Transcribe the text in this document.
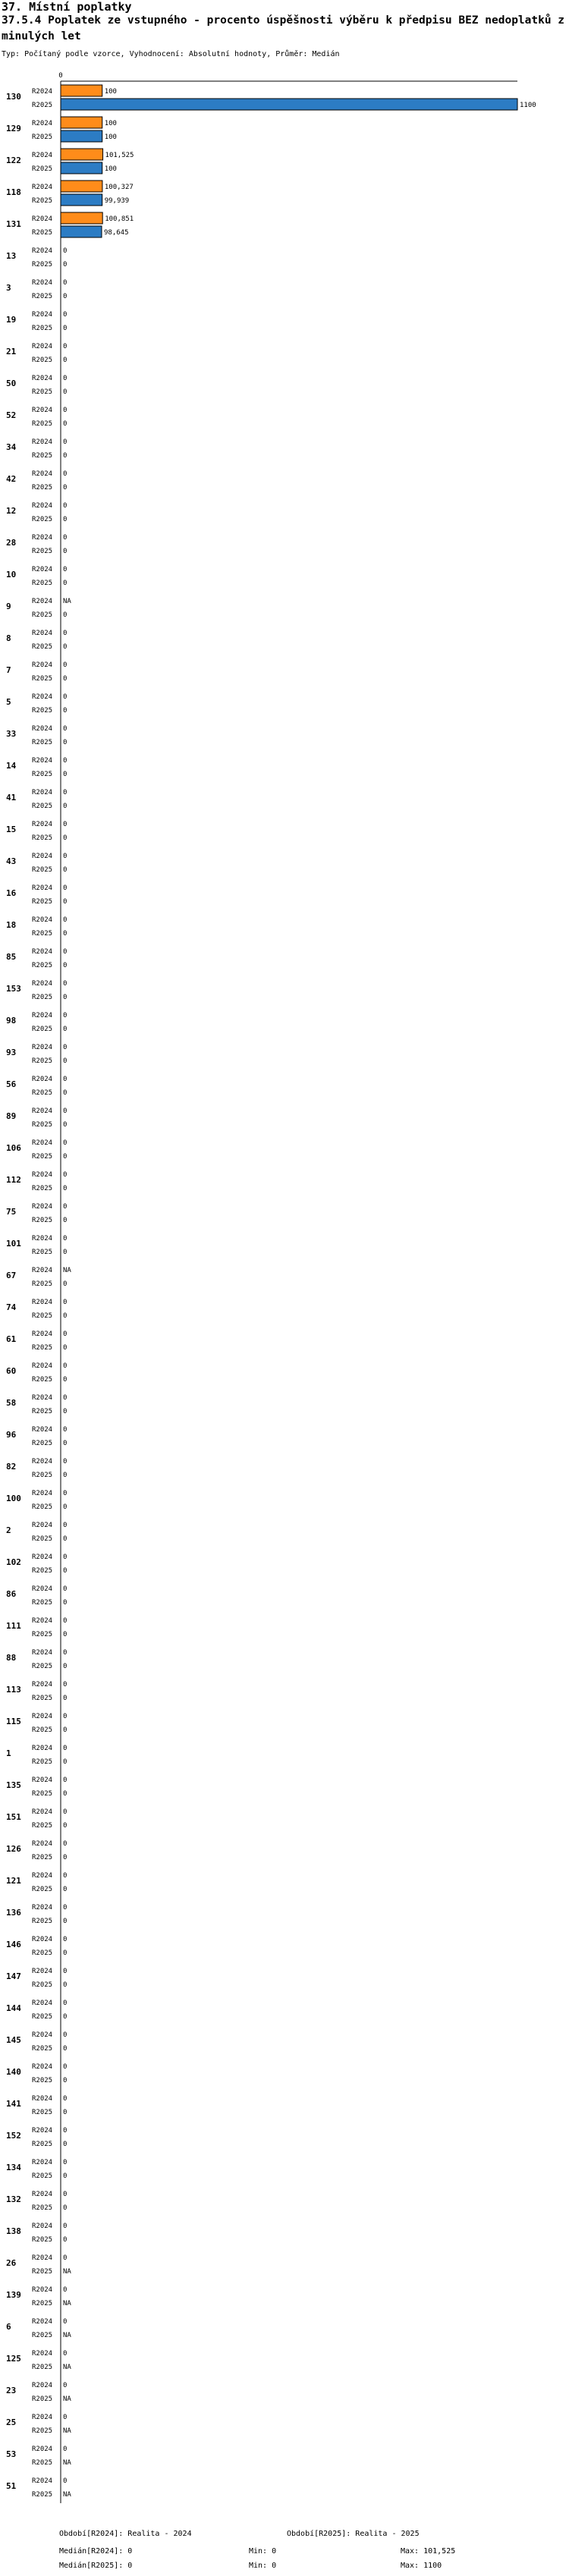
37. Místní poplatky
37.5.4 Poplatek ze vstupného - procento úspěšnosti výběru k předpisu BEZ nedoplatků z minulých let
Typ: Počítaný podle vzorce, Vyhodnocení: Absolutní hodnoty, Průměr: Medián
0
130 R2024	100
R2025	1100
129 R2024	100
R2025	100
122 R2024	101,525
R2025	100
118 R2024	100,327
R2025	99,939
131 R2024	100,851
R2025	98,645
13 R2024 0
R2025 0
3	R2024 0
R2025 0
19 R2024 0
R2025 0
21 R2024 0
R2025 0
50 R2024 0
R2025 0
52 R2024 0
R2025 0
34 R2024 0
R2025 0
42 R2024 0
R2025 0
12 R2024 0
R2025 0
28 R2024 0
R2025 0
10 R2024 0
R2025 0
9	R2024 NA
R2025 0
8	R2024 0
R2025 0
7	R2024 0
R2025 0
5	R2024 0
R2025 0
33 R2024 0
R2025 0
14 R2024 0
R2025 0
41 R2024 0
R2025 0
15 R2024 0
R2025 0
43 R2024 0
R2025 0
16 R2024 0
R2025 0
18 R2024 0
R2025 0
85 R2024 0
R2025 0
153 R2024 0
R2025 0
98 R2024 0
R2025 0
93 R2024 0
R2025 0
56 R2024 0
R2025 0
89 R2024 0
R2025 0
106 R2024 0
R2025 0
112 R2024 0
R2025 0
75 R2024 0
R2025 0
101 R2024 0
R2025 0
67 R2024 NA
R2025 0
74 R2024 0
R2025 0
61 R2024 0
R2025 0
60 R2024 0
R2025 0
58 R2024 0
R2025 0
96 R2024 0
R2025 0
82 R2024 0
R2025 0
100 R2024 0
R2025 0
2	R2024 0
R2025 0
102 R2024 0
R2025 0
86 R2024 0
R2025 0
111 R2024 0
R2025 0
88 R2024 0
R2025 0
113 R2024 0
R2025 0
115 R2024 0
R2025 0
1	R2024 0
R2025 0
135 R2024 0
R2025 0
151 R2024 0
R2025 0
126 R2024 0
R2025 0
121 R2024 0
R2025 0
136 R2024 0
R2025 0
146 R2024 0
R2025 0
147 R2024 0
R2025 0
144 R2024 0
R2025 0
145 R2024 0
R2025 0
140 R2024 0
R2025 0
141 R2024 0
R2025 0
152 R2024 0
R2025 0
134 R2024 0
R2025 0
132 R2024 0
R2025 0
138 R2024 0
R2025 0
26 R2024 0
R2025 NA
139 R2024 0
R2025 NA
6	R2024 0
R2025 NA
125 R2024 0
R2025 NA
23 R2024 0
R2025 NA
25 R2024 0
R2025 NA
53 R2024 0
R2025 NA
51 R2024 0
R2025 NA
Období[R2024]: Realita - 2024	Období[R2025]: Realita - 2025
Medián[R2024]: 0	Min: 0	Max: 101,525
Medián[R2025]: 0	Min: 0	Max: 1100
